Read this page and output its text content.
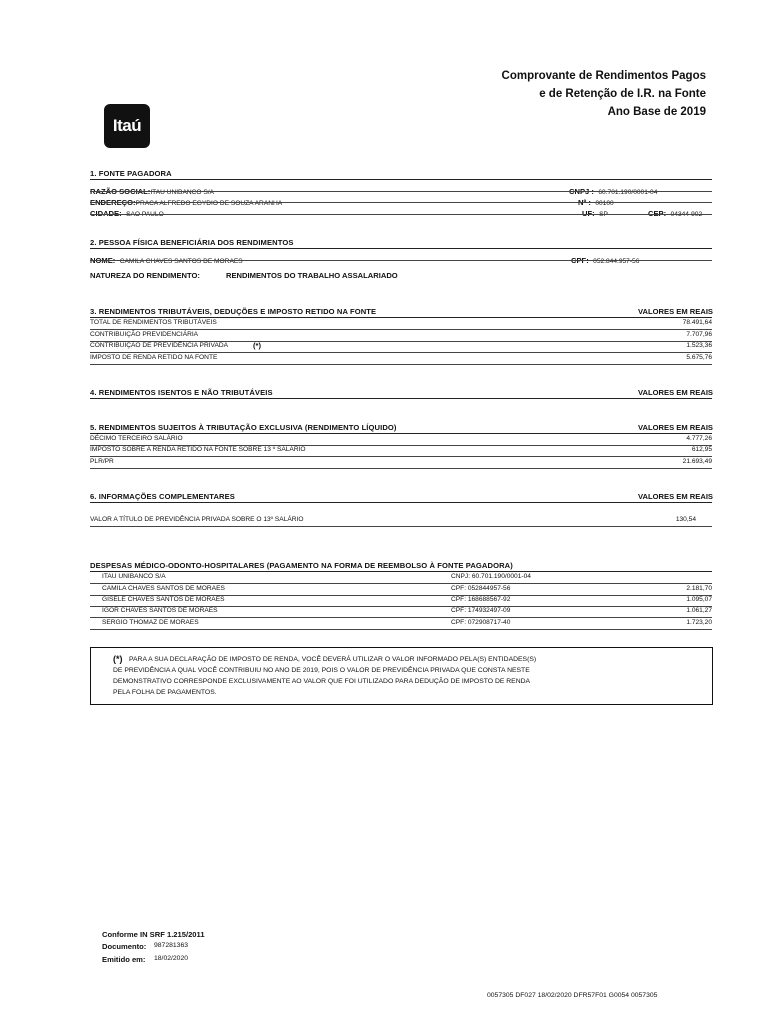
Itaú
Comprovante de Rendimentos Pagos
e de Retenção de I.R. na Fonte
Ano Base de 2019
1. FONTE PAGADORA
RAZÃO SOCIAL:ITAU UNIBANCO S/A	CNPJ : 60.701.190/0001-04
ENDEREÇO:PRACA ALFREDO EGYDIO DE SOUZA ARANHA	Nº : 00100
CIDADE: SAO PAULO	UF: SP	CEP: 04344-902
2. PESSOA FÍSICA BENEFICIÁRIA DOS RENDIMENTOS
NOME: CAMILA CHAVES SANTOS DE MORAES	CPF: 052.844.957-56
NATUREZA DO RENDIMENTO:	RENDIMENTOS DO TRABALHO ASSALARIADO
3. RENDIMENTOS TRIBUTÁVEIS, DEDUÇÕES E IMPOSTO RETIDO NA FONTE	VALORES EM REAIS
TOTAL DE RENDIMENTOS TRIBUTÁVEIS	78.491,64
CONTRIBUIÇÃO PREVIDENCIÁRIA	7.707,96
CONTRIBUIÇÃO DE PREVIDÊNCIA PRIVADA	(*)	1.523,36
IMPOSTO DE RENDA RETIDO NA FONTE	5.675,76
4. RENDIMENTOS ISENTOS E NÃO TRIBUTÁVEIS	VALORES EM REAIS
5. RENDIMENTOS SUJEITOS À TRIBUTAÇÃO EXCLUSIVA (RENDIMENTO LÍQUIDO)	VALORES EM REAIS
DÉCIMO TERCEIRO SALÁRIO	4.777,26
IMPOSTO SOBRE A RENDA RETIDO NA FONTE SOBRE 13 º SALARIO	612,95
PLR/PR	21.693,49
6. INFORMAÇÕES COMPLEMENTARES	VALORES EM REAIS
VALOR A TÍTULO DE PREVIDÊNCIA PRIVADA SOBRE O 13º SALÁRIO	130,54
DESPESAS MÉDICO-ODONTO-HOSPITALARES (PAGAMENTO NA FORMA DE REEMBOLSO À FONTE PAGADORA)
ITAU UNIBANCO S/A	CNPJ: 60.701.190/0001-04
CAMILA CHAVES SANTOS DE MORAES	CPF: 052844957-56	2.181,70
GISELE CHAVES SANTOS DE MORAES	CPF: 168688567-92	1.095,07
IGOR CHAVES SANTOS DE MORAES	CPF: 174932497-09	1.061,27
SERGIO THOMAZ DE MORAES	CPF: 072908717-40	1.723,20
(*) PARA A SUA DECLARAÇÃO DE IMPOSTO DE RENDA, VOCÊ DEVERÁ UTILIZAR O VALOR INFORMADO PELA(S) ENTIDADES(S)
DE PREVIDÊNCIA A QUAL VOCÊ CONTRIBUIU NO ANO DE 2019, POIS O VALOR DE PREVIDÊNCIA PRIVADA QUE CONSTA NESTE
DEMONSTRATIVO CORRESPONDE EXCLUSIVAMENTE AO VALOR QUE FOI UTILIZADO PARA DEDUÇÃO DE IMPOSTO DE RENDA
PELA FOLHA DE PAGAMENTOS.
Conforme IN SRF 1.215/2011
Documento: 987281363
Emitido em: 18/02/2020
0057305 DF027 18/02/2020 DFR57F01 G0054 0057305
